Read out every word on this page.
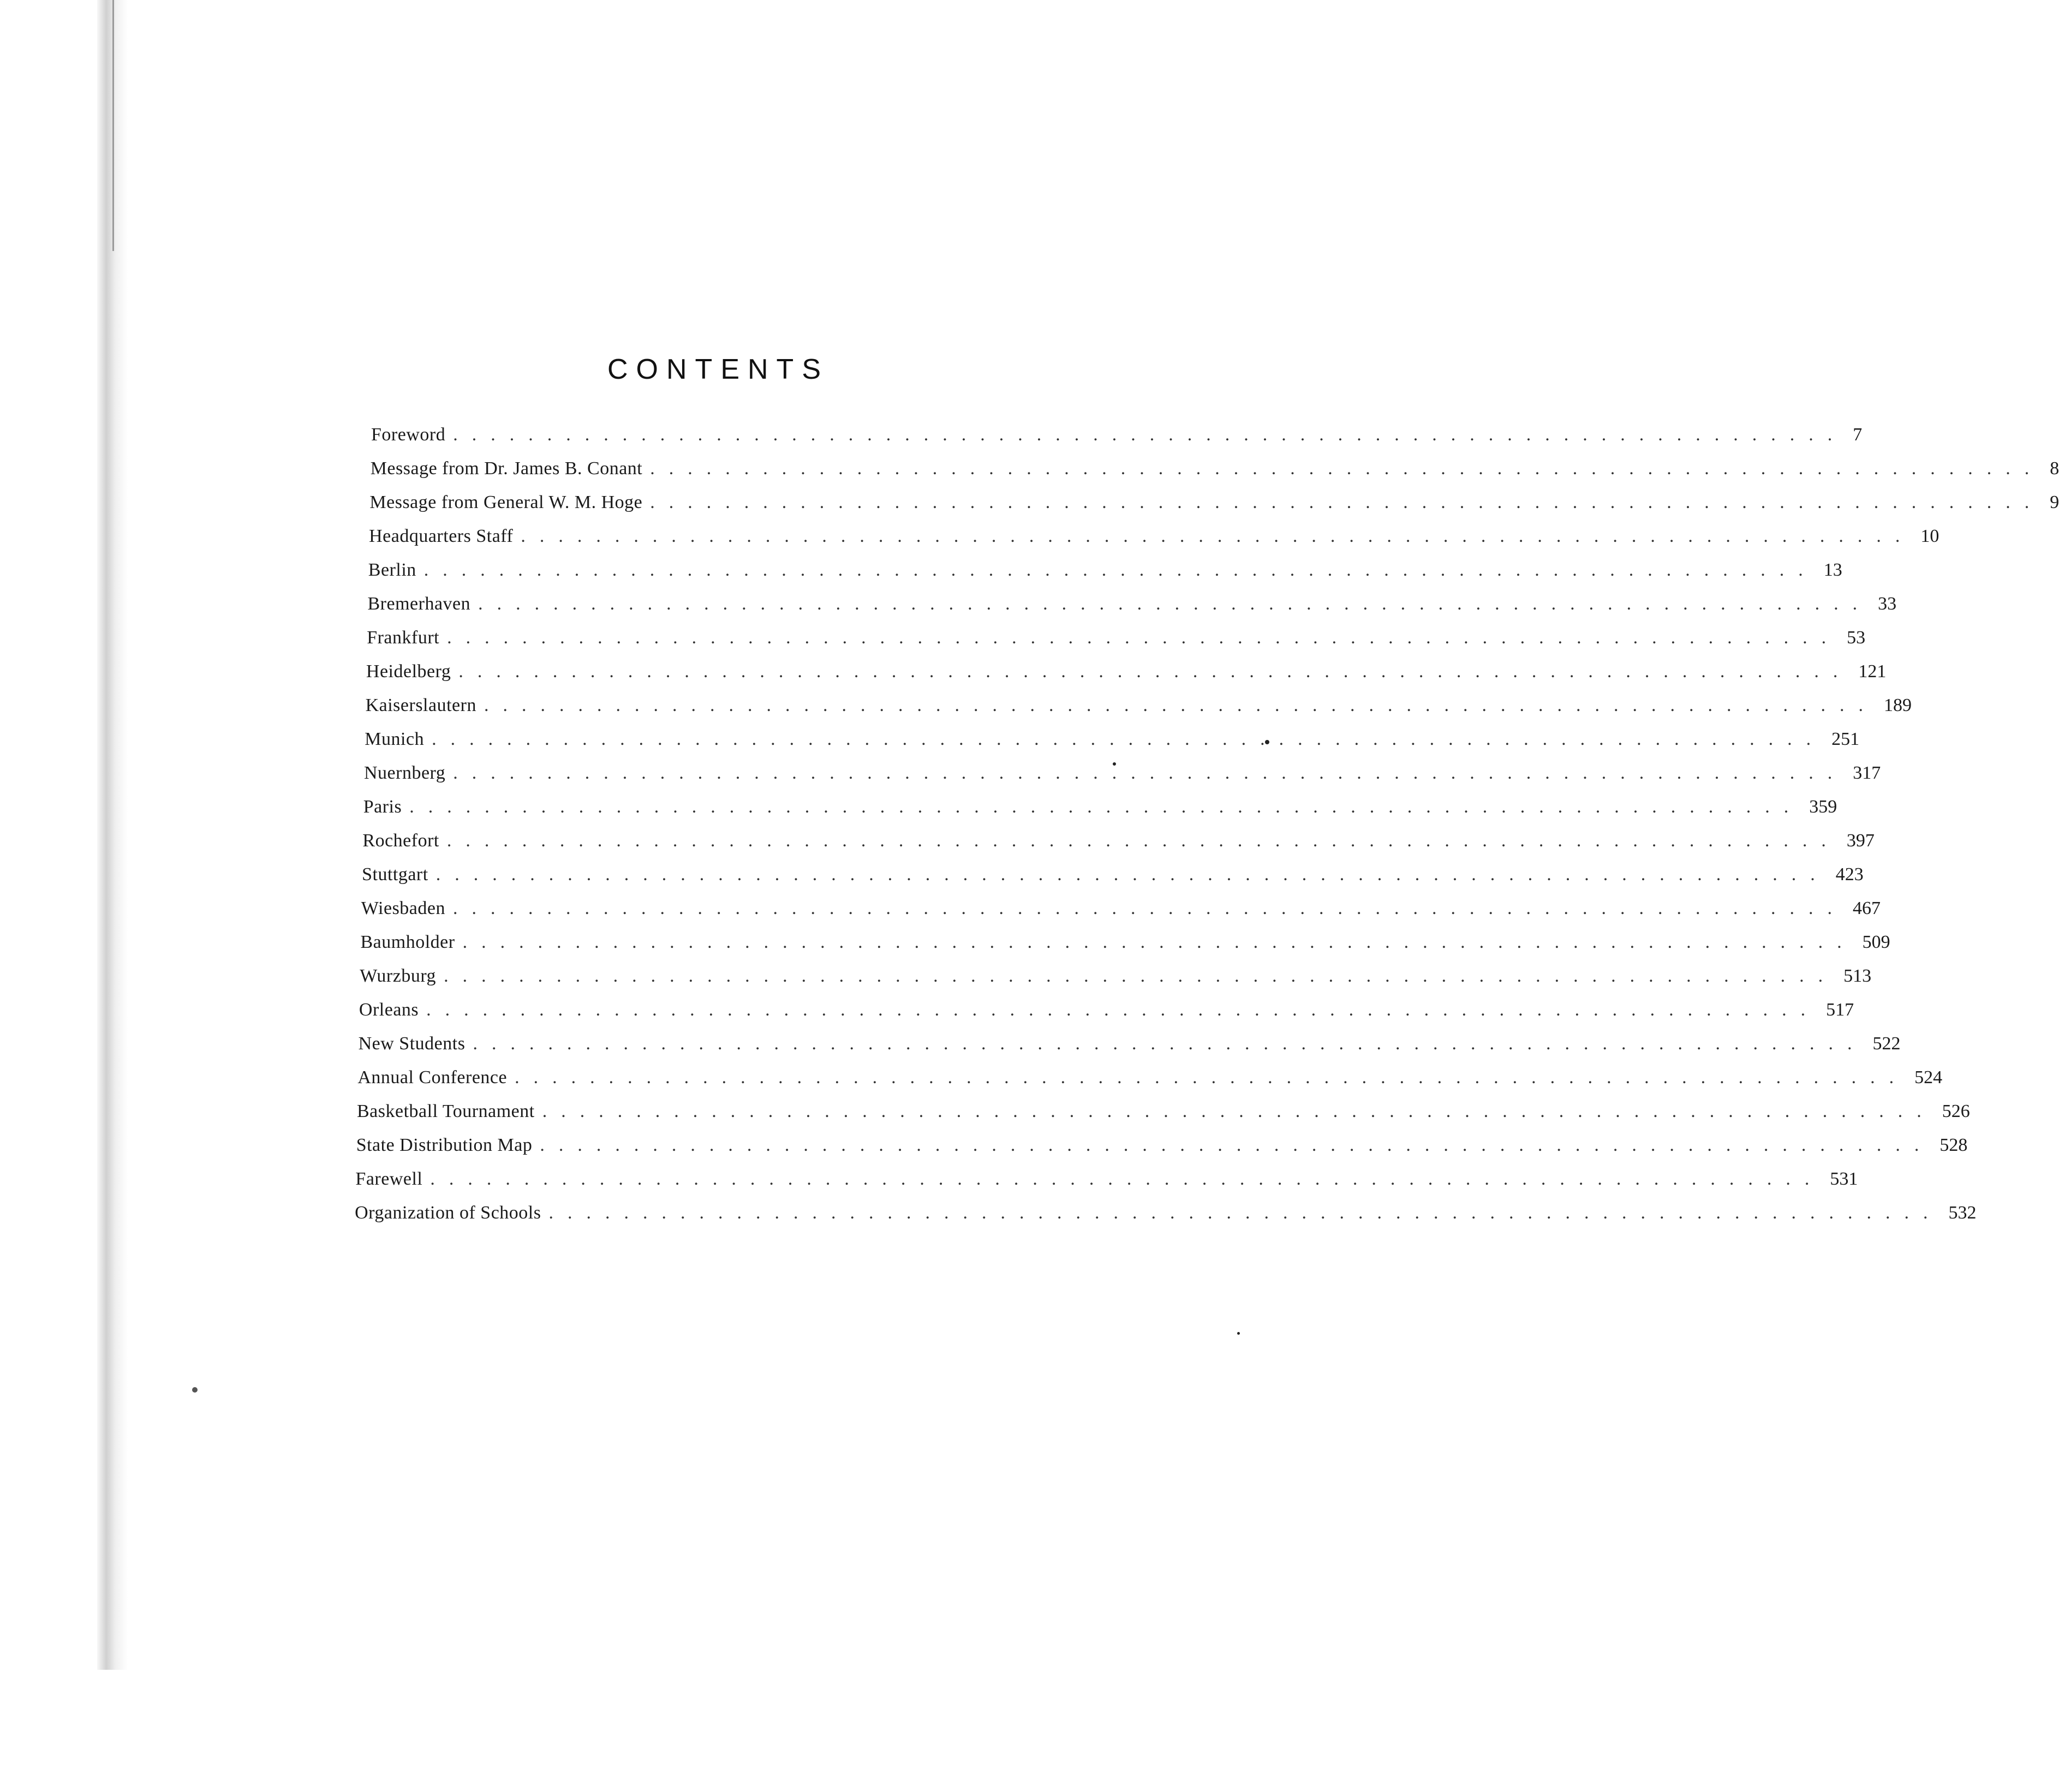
CONTENTS
Foreword .......................................................................... 7
Message from Dr. James B. Conant .......................................................................... 8
Message from General W. M. Hoge .......................................................................... 9
Headquarters Staff .......................................................................... 10
Berlin .......................................................................... 13
Bremerhaven .......................................................................... 33
Frankfurt .......................................................................... 53
Heidelberg .......................................................................... 121
Kaiserslautern .......................................................................... 189
Munich .......................................................................... 251
Nuernberg .......................................................................... 317
Paris .......................................................................... 359
Rochefort .......................................................................... 397
Stuttgart .......................................................................... 423
Wiesbaden .......................................................................... 467
Baumholder .......................................................................... 509
Wurzburg .......................................................................... 513
Orleans .......................................................................... 517
New Students .......................................................................... 522
Annual Conference .......................................................................... 524
Basketball Tournament .......................................................................... 526
State Distribution Map .......................................................................... 528
Farewell .......................................................................... 531
Organization of Schools .......................................................................... 532
